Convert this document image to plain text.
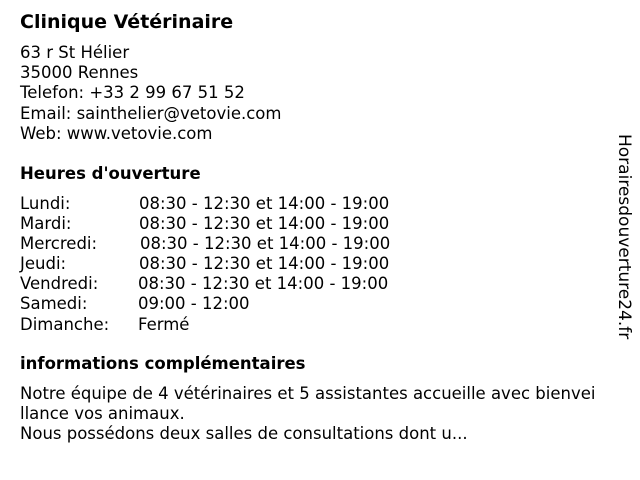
Clinique Vétérinaire
63 r St Hélier
35000 Rennes
Telefon: +33 2 99 67 51 52
Email: sainthelier@vetovie.com
Web: www.vetovie.com
Heures d'ouverture
Lundi:	08:30 - 12:30 et 14:00 - 19:00
Mardi:	08:30 - 12:30 et 14:00 - 19:00
Mercredi:	08:30 - 12:30 et 14:00 - 19:00
Jeudi:	08:30 - 12:30 et 14:00 - 19:00
Vendredi: 08:30 - 12:30 et 14:00 - 19:00
Samedi:	09:00 - 12:00
Dimanche: Fermé
informations complémentaires
Notre équipe de 4 vétérinaires et 5 assistantes accueille avec bienvei
llance vos animaux.
Nous possédons deux salles de consultations dont u...
Horairesdouverture24.fr
